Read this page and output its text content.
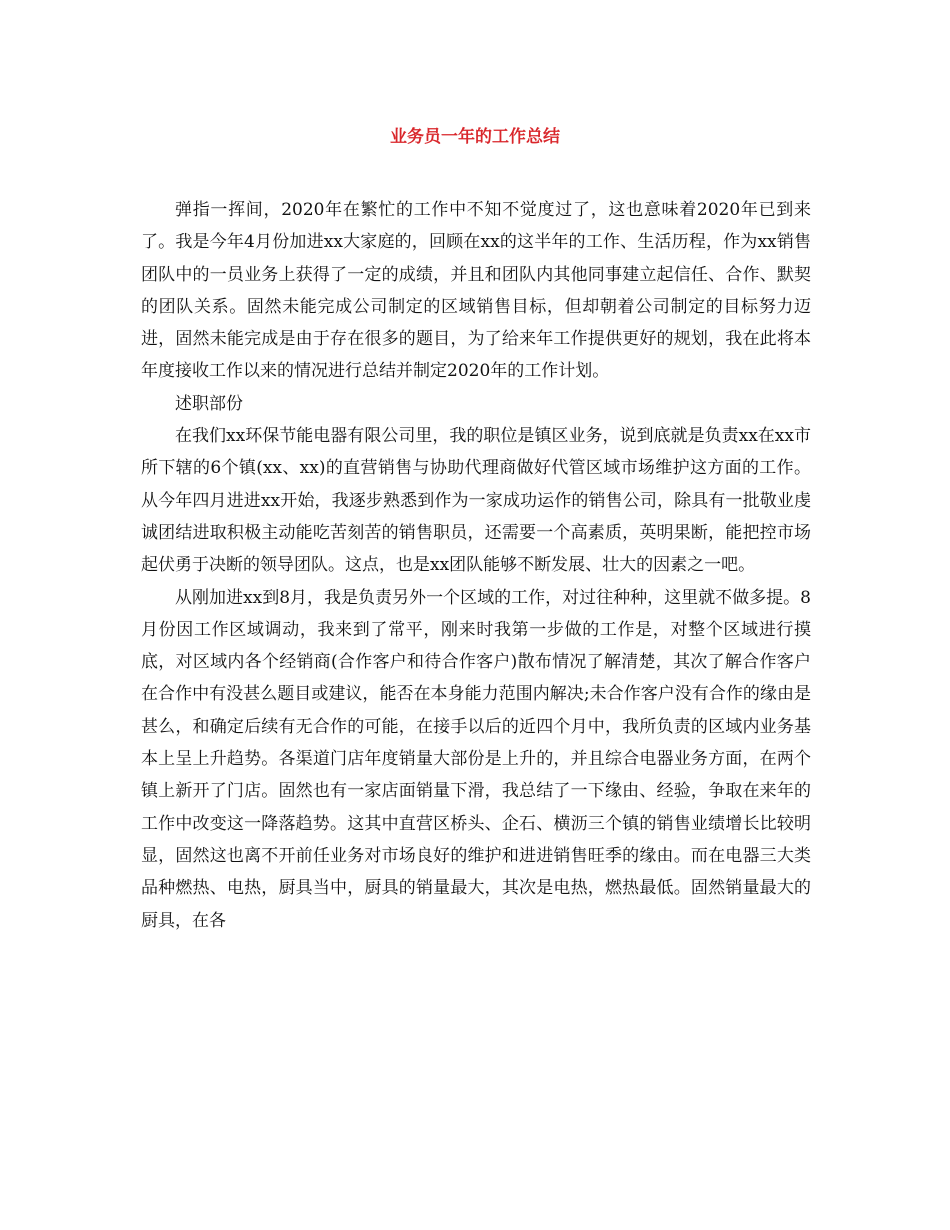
业务员一年的工作总结

弹指一挥间，2020年在繁忙的工作中不知不觉度过了，这也意味着2020年已到来了。我是今年4月份加进xx大家庭的，回顾在xx的这半年的工作、生活历程，作为xx销售团队中的一员业务上获得了一定的成绩，并且和团队内其他同事建立起信任、合作、默契的团队关系。固然未能完成公司制定的区域销售目标，但却朝着公司制定的目标努力迈进，固然未能完成是由于存在很多的题目，为了给来年工作提供更好的规划，我在此将本年度接收工作以来的情况进行总结并制定2020年的工作计划。

述职部份

在我们xx环保节能电器有限公司里，我的职位是镇区业务，说到底就是负责xx在xx市所下辖的6个镇(xx、xx)的直营销售与协助代理商做好代管区域市场维护这方面的工作。从今年四月进进xx开始，我逐步熟悉到作为一家成功运作的销售公司，除具有一批敬业虔诚团结进取积极主动能吃苦刻苦的销售职员，还需要一个高素质，英明果断，能把控市场起伏勇于决断的领导团队。这点，也是xx团队能够不断发展、壮大的因素之一吧。

从刚加进xx到8月，我是负责另外一个区域的工作，对过往种种，这里就不做多提。8月份因工作区域调动，我来到了常平，刚来时我第一步做的工作是，对整个区域进行摸底，对区域内各个经销商(合作客户和待合作客户)散布情况了解清楚，其次了解合作客户在合作中有没甚么题目或建议，能否在本身能力范围内解决;未合作客户没有合作的缘由是甚么，和确定后续有无合作的可能，在接手以后的近四个月中，我所负责的区域内业务基本上呈上升趋势。各渠道门店年度销量大部份是上升的，并且综合电器业务方面，在两个镇上新开了门店。固然也有一家店面销量下滑，我总结了一下缘由、经验，争取在来年的工作中改变这一降落趋势。这其中直营区桥头、企石、横沥三个镇的销售业绩增长比较明显，固然这也离不开前任业务对市场良好的维护和进进销售旺季的缘由。而在电器三大类品种燃热、电热，厨具当中，厨具的销量最大，其次是电热，燃热最低。固然销量最大的厨具，在各
